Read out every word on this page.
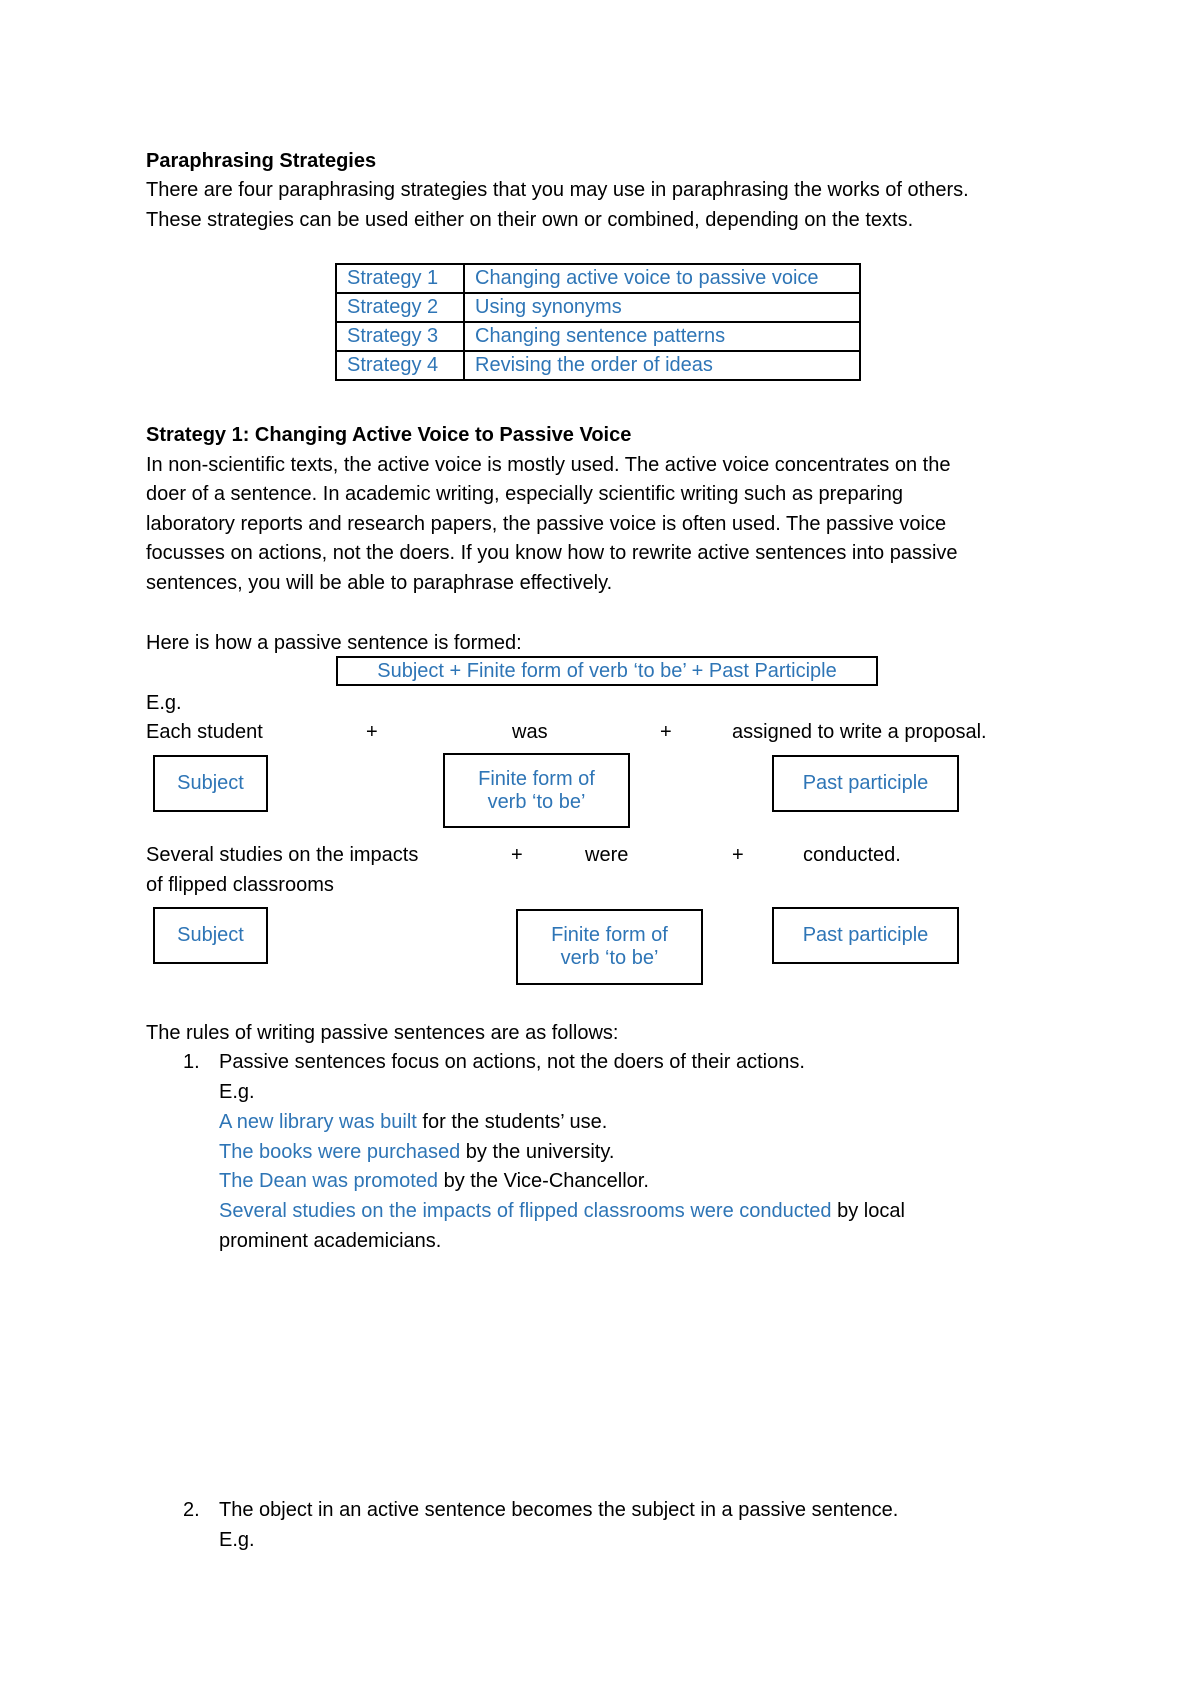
Paraphrasing Strategies
There are four paraphrasing strategies that you may use in paraphrasing the works of others.
These strategies can be used either on their own or combined, depending on the texts.
Strategy 1	Changing active voice to passive voice
Strategy 2	Using synonyms
Strategy 3	Changing sentence patterns
Strategy 4	Revising the order of ideas
Strategy 1: Changing Active Voice to Passive Voice
In non-scientific texts, the active voice is mostly used. The active voice concentrates on the
doer of a sentence. In academic writing, especially scientific writing such as preparing
laboratory reports and research papers, the passive voice is often used. The passive voice
focusses on actions, not the doers. If you know how to rewrite active sentences into passive
sentences, you will be able to paraphrase effectively.
Here is how a passive sentence is formed:
Subject + Finite form of verb ‘to be’ + Past Participle
E.g.
Each student	+	was	+	assigned to write a proposal.
Subject	Finite form of
verb ‘to be’
Past participle
Several studies on the impacts
of flipped classrooms
+	were	+	conducted.
Subject	Finite form of
verb ‘to be’
Past participle
The rules of writing passive sentences are as follows:
1. Passive sentences focus on actions, not the doers of their actions.
E.g.
A new library was built for the students’ use.
The books were purchased by the university.
The Dean was promoted by the Vice-Chancellor.
Several studies on the impacts of flipped classrooms were conducted by local
prominent academicians.
2. The object in an active sentence becomes the subject in a passive sentence.
E.g.
